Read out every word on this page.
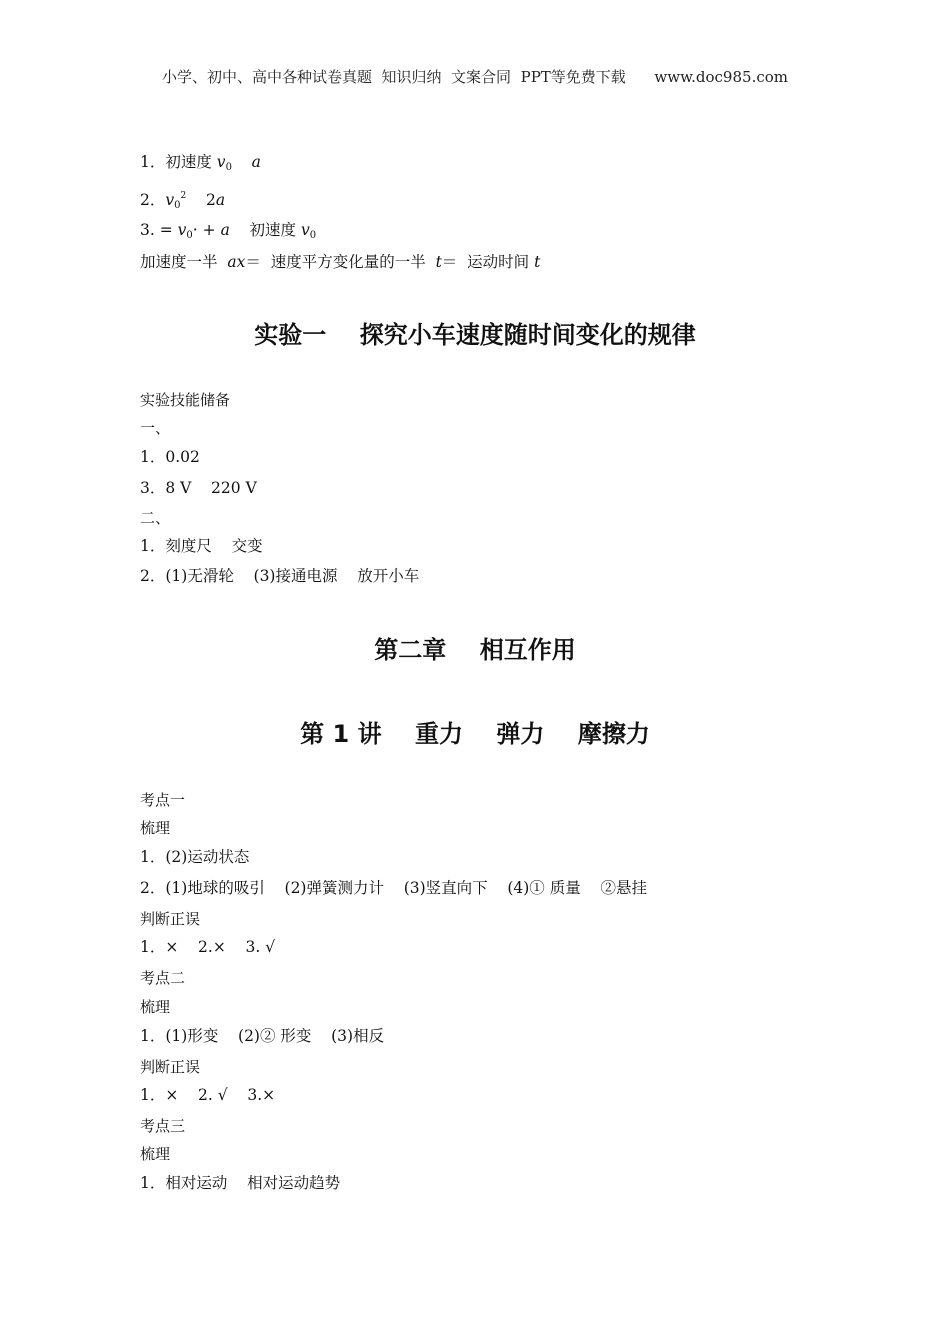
小学、初中、高中各种试卷真题  知识归纳  文案合同  PPT等免费下载      www.doc985.com
1．初速度 $v_0$ a
2．$v_0^2$ 2a
3. = $v_0\cdot + a$ 初速度 $v_0$
加速度一半  ax＝  速度平方变化量的一半  t＝  运动时间 t
实验一    探究小车速度随时间变化的规律
实验技能储备
一、
1．0.02
3．8 V    220 V
二、
1．刻度尺    交变
2．(1)无滑轮    (3)接通电源    放开小车
第二章    相互作用
第 1 讲    重力    弹力    摩擦力
考点一
梳理
1．(2)运动状态
2．(1)地球的吸引    (2)弹簧测力计    (3)竖直向下    (4)① 质量    ②悬挂
判断正误
1．×    2.×    3. √
考点二
梳理
1．(1)形变    (2)② 形变    (3)相反
判断正误
1．×    2. √    3.×
考点三
梳理
1．相对运动    相对运动趋势
